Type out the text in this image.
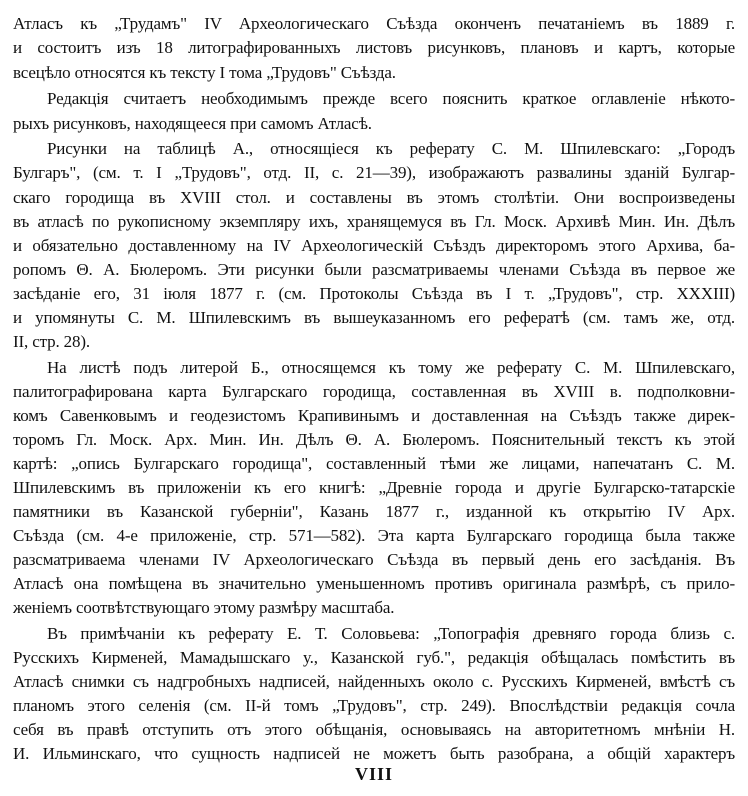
Атласъ къ „Трудамъ" IV Археологическаго Съѣзда оконченъ печатаніемъ въ 1889 г.
и состоитъ изъ 18 литографированныхъ листовъ рисунковъ, плановъ и картъ, которые
всецѣло относятся къ тексту I тома „Трудовъ" Съѣзда.
Редакція считаетъ необходимымъ прежде всего пояснить краткое оглавленіе нѣкото-
рыхъ рисунковъ, находящееся при самомъ Атласѣ.
Рисунки на таблицѣ А., относящіеся къ реферату С. М. Шпилевскаго: „Городъ
Булгаръ", (см. т. I „Трудовъ", отд. II, с. 21—39), изображаютъ развалины зданій Булгар-
скаго городища въ XVIII стол. и составлены въ этомъ столѣтіи. Они воспроизведены
въ атласѣ по рукописному экземпляру ихъ, хранящемуся въ Гл. Моск. Архивѣ Мин. Ин. Дѣлъ
и обязательно доставленному на IV Археологическій Съѣздъ директоромъ этого Архива, ба-
ропомъ Θ. А. Бюлеромъ. Эти рисунки были разсматриваемы членами Съѣзда въ первое же
засѣданіе его, 31 іюля 1877 г. (см. Протоколы Съѣзда въ I т. „Трудовъ", стр. XXXIII)
и упомянуты С. М. Шпилевскимъ въ вышеуказанномъ его рефератѣ (см. тамъ же, отд.
II, стр. 28).
На листѣ подъ литерой Б., относящемся къ тому же реферату С. М. Шпилевскаго,
палитографирована карта Булгарскаго городища, составленная въ XVIII в. подполковни-
комъ Савенковымъ и геодезистомъ Крапивинымъ и доставленная на Съѣздъ также дирек-
торомъ Гл. Моск. Арх. Мин. Ин. Дѣлъ Θ. А. Бюлеромъ. Пояснительный текстъ къ этой
картѣ: „опись Булгарскаго городища", составленный тѣми же лицами, напечатанъ С. М.
Шпилевскимъ въ приложеніи къ его книгѣ: „Древніе города и другіе Булгарско-татарскіе
памятники въ Казанской губерніи", Казань 1877 г., изданной къ открытію IV Арх.
Съѣзда (см. 4-е приложеніе, стр. 571—582). Эта карта Булгарскаго городища была также
разсматриваема членами IV Археологическаго Съѣзда въ первый день его засѣданія. Въ
Атласѣ она помѣщена въ значительно уменьшенномъ противъ оригинала размѣрѣ, съ прило-
женіемъ соотвѣтствующаго этому размѣру масштаба.
Въ примѣчаніи къ реферату Е. Т. Соловьева: „Топографія древняго города близь с.
Русскихъ Кирменей, Мамадышскаго у., Казанской губ.", редакція обѣщалась помѣстить въ
Атласѣ снимки съ надгробныхъ надписей, найденныхъ около с. Русскихъ Кирменей, вмѣстѣ съ
планомъ этого селенія (см. II-й томъ „Трудовъ", стр. 249). Впослѣдствіи редакція сочла
себя въ правѣ отступить отъ этого обѣщанія, основываясь на авторитетномъ мнѣніи Н.
И. Ильминскаго, что сущность надписей не можетъ быть разобрана, а общій характеръ
VIII
